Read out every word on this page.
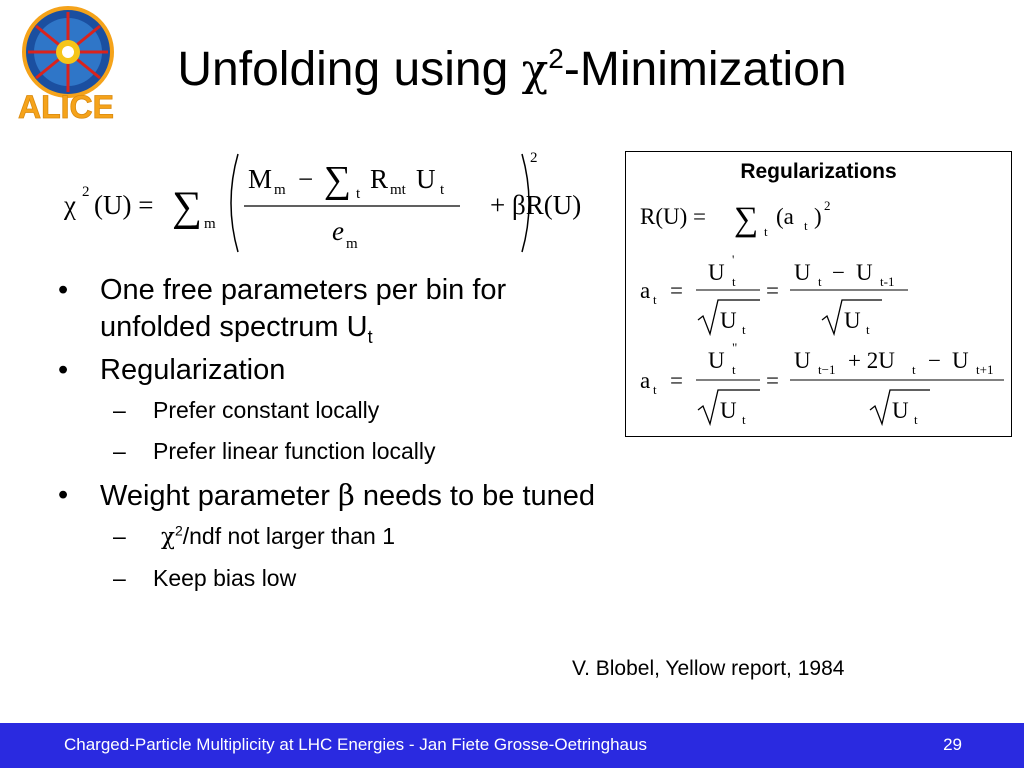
ALICE
Unfolding using $\chi^2$-Minimization
χ 2 (U) = ∑ m
M m − ∑ t R mt U t
e m
2
+ βR(U)
• One free parameters per bin for unfolded spectrum $U_t$
• Regularization
– Prefer constant locally
– Prefer linear function locally
• Weight parameter β needs to be tuned
– $\chi^2$/ndf not larger than 1
– Keep bias low
Regularizations
R(U) = ∑ t
(a t ) 2
a t =
U
'
t
U t
=
U t − U t-1
U t
a t =
U
"
t
U t
=
U t−1 + 2U t − U t+1
U t
V. Blobel, Yellow report, 1984
Charged-Particle Multiplicity at LHC Energies - Jan Fiete Grosse-Oetringhaus	29
